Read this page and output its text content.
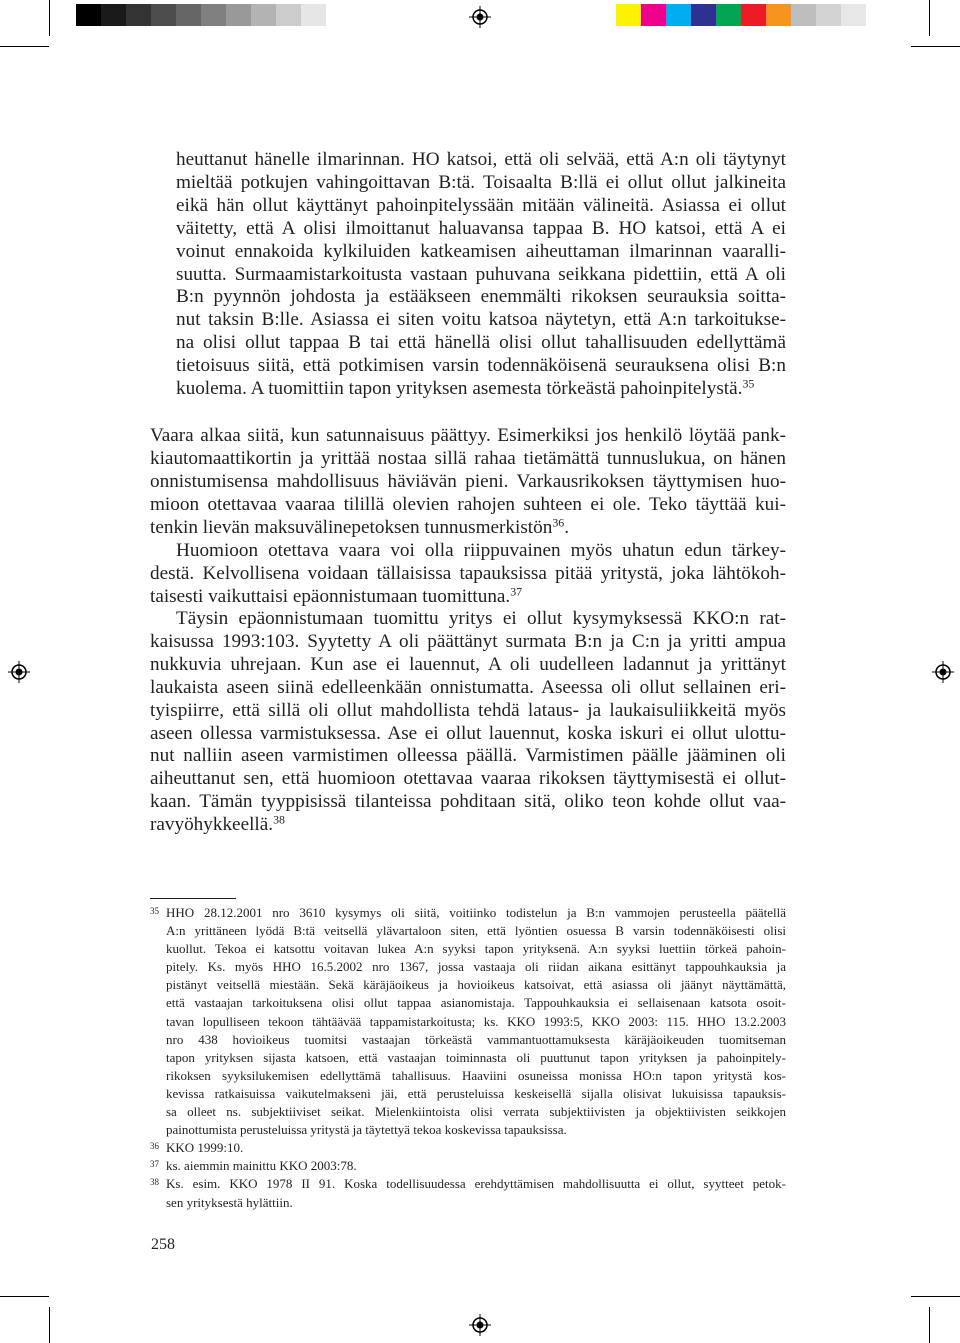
heuttanut hänelle ilmarinnan. HO katsoi, että oli selvää, että A:n oli täytynyt
mieltää potkujen vahingoittavan B:tä. Toisaalta B:llä ei ollut ollut jalkineita
eikä hän ollut käyttänyt pahoinpitelyssään mitään välineitä. Asiassa ei ollut
väitetty, että A olisi ilmoittanut haluavansa tappaa B. HO katsoi, että A ei
voinut ennakoida kylkiluiden katkeamisen aiheuttaman ilmarinnan vaaralli-
suutta. Surmaamistarkoitusta vastaan puhuvana seikkana pidettiin, että A oli
B:n pyynnön johdosta ja estääkseen enemmälti rikoksen seurauksia soitta-
nut taksin B:lle. Asiassa ei siten voitu katsoa näytetyn, että A:n tarkoitukse-
na olisi ollut tappaa B tai että hänellä olisi ollut tahallisuuden edellyttämä
tietoisuus siitä, että potkimisen varsin todennäköisenä seurauksena olisi B:n
kuolema. A tuomittiin tapon yrityksen asemesta törkeästä pahoinpitelystä.$^{35}$
Vaara alkaa siitä, kun satunnaisuus päättyy. Esimerkiksi jos henkilö löytää pank-
kiautomaattikortin ja yrittää nostaa sillä rahaa tietämättä tunnuslukua, on hänen
onnistumisensa mahdollisuus häviävän pieni. Varkausrikoksen täyttymisen huo-
mioon otettavaa vaaraa tilillä olevien rahojen suhteen ei ole. Teko täyttää kui-
tenkin lievän maksuvälinepetoksen tunnusmerkistön$^{36}$.
Huomioon otettava vaara voi olla riippuvainen myös uhatun edun tärkey-
destä. Kelvollisena voidaan tällaisissa tapauksissa pitää yritystä, joka lähtökoh-
taisesti vaikuttaisi epäonnistumaan tuomittuna.$^{37}$
Täysin epäonnistumaan tuomittu yritys ei ollut kysymyksessä KKO:n rat-
kaisussa 1993:103. Syytetty A oli päättänyt surmata B:n ja C:n ja yritti ampua
nukkuvia uhrejaan. Kun ase ei lauennut, A oli uudelleen ladannut ja yrittänyt
laukaista aseen siinä edelleenkään onnistumatta. Aseessa oli ollut sellainen eri-
tyispiirre, että sillä oli ollut mahdollista tehdä lataus- ja laukaisuliikkeitä myös
aseen ollessa varmistuksessa. Ase ei ollut lauennut, koska iskuri ei ollut ulottu-
nut nalliin aseen varmistimen olleessa päällä. Varmistimen päälle jääminen oli
aiheuttanut sen, että huomioon otettavaa vaaraa rikoksen täyttymisestä ei ollut-
kaan. Tämän tyyppisissä tilanteissa pohditaan sitä, oliko teon kohde ollut vaa-
ravyöhykkeellä.$^{38}$
35 HHO 28.12.2001 nro 3610 kysymys oli siitä, voitiinko todistelun ja B:n vammojen perusteella päätellä
A:n yrittäneen lyödä B:tä veitsellä ylävartaloon siten, että lyöntien osuessa B varsin todennäköisesti olisi
kuollut. Tekoa ei katsottu voitavan lukea A:n syyksi tapon yrityksenä. A:n syyksi luettiin törkeä pahoin-
pitely. Ks. myös HHO 16.5.2002 nro 1367, jossa vastaaja oli riidan aikana esittänyt tappouhkauksia ja
pistänyt veitsellä miestään. Sekä käräjäoikeus ja hovioikeus katsoivat, että asiassa oli jäänyt näyttämättä,
että vastaajan tarkoituksena olisi ollut tappaa asianomistaja. Tappouhkauksia ei sellaisenaan katsota osoit-
tavan lopulliseen tekoon tähtäävää tappamistarkoitusta; ks. KKO 1993:5, KKO 2003: 115. HHO 13.2.2003
nro 438 hovioikeus tuomitsi vastaajan törkeästä vammantuottamuksesta käräjäoikeuden tuomitseman
tapon yrityksen sijasta katsoen, että vastaajan toiminnasta oli puuttunut tapon yrityksen ja pahoinpitely-
rikoksen syyksilukemisen edellyttämä tahallisuus. Haaviini osuneissa monissa HO:n tapon yritystä kos-
kevissa ratkaisuissa vaikutelmakseni jäi, että perusteluissa keskeisellä sijalla olisivat lukuisissa tapauksis-
sa olleet ns. subjektiiviset seikat. Mielenkiintoista olisi verrata subjektiivisten ja objektiivisten seikkojen
painottumista perusteluissa yritystä ja täytettyä tekoa koskevissa tapauksissa.
36 KKO 1999:10.
37 ks. aiemmin mainittu KKO 2003:78.
38 Ks. esim. KKO 1978 II 91. Koska todellisuudessa erehdyttämisen mahdollisuutta ei ollut, syytteet petok-
sen yrityksestä hylättiin.
258
